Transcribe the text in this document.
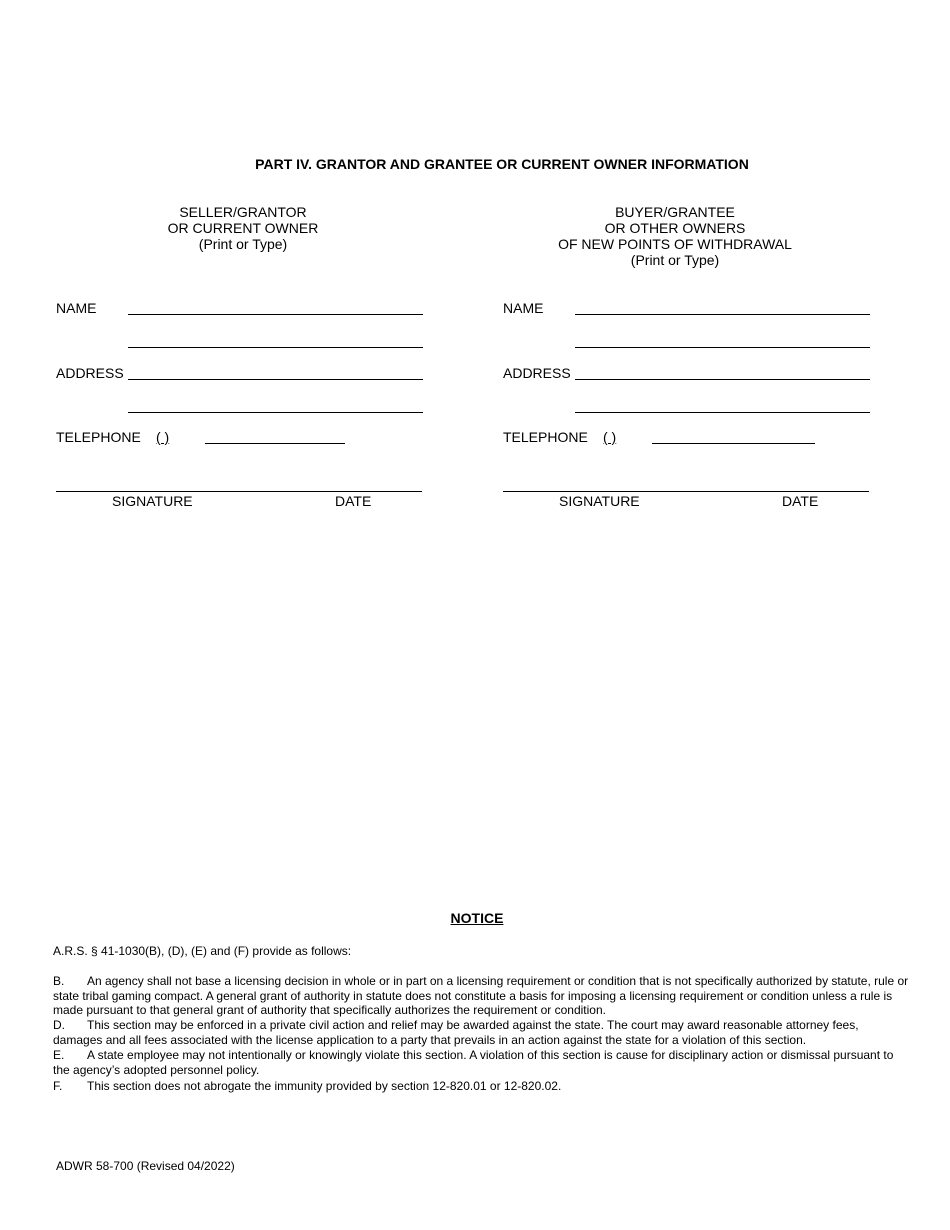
PART IV. GRANTOR AND GRANTEE OR CURRENT OWNER INFORMATION
SELLER/GRANTOR
OR CURRENT OWNER
(Print or Type)
NAME
ADDRESS
TELEPHONE ( )
SIGNATURE	DATE
BUYER/GRANTEE
OR OTHER OWNERS
OF NEW POINTS OF WITHDRAWAL
(Print or Type)
NAME
ADDRESS
TELEPHONE ( )
SIGNATURE	DATE
NOTICE
A.R.S. § 41-1030(B), (D), (E) and (F) provide as follows:
B. An agency shall not base a licensing decision in whole or in part on a licensing requirement or condition that is not specifically authorized by statute, rule or state tribal gaming compact. A general grant of authority in statute does not constitute a basis for imposing a licensing requirement or condition unless a rule is made pursuant to that general grant of authority that specifically authorizes the requirement or condition.
D. This section may be enforced in a private civil action and relief may be awarded against the state. The court may award reasonable attorney fees, damages and all fees associated with the license application to a party that prevails in an action against the state for a violation of this section.
E. A state employee may not intentionally or knowingly violate this section. A violation of this section is cause for disciplinary action or dismissal pursuant to the agency’s adopted personnel policy.
F. This section does not abrogate the immunity provided by section 12-820.01 or 12-820.02.
ADWR 58-700 (Revised 04/2022)
